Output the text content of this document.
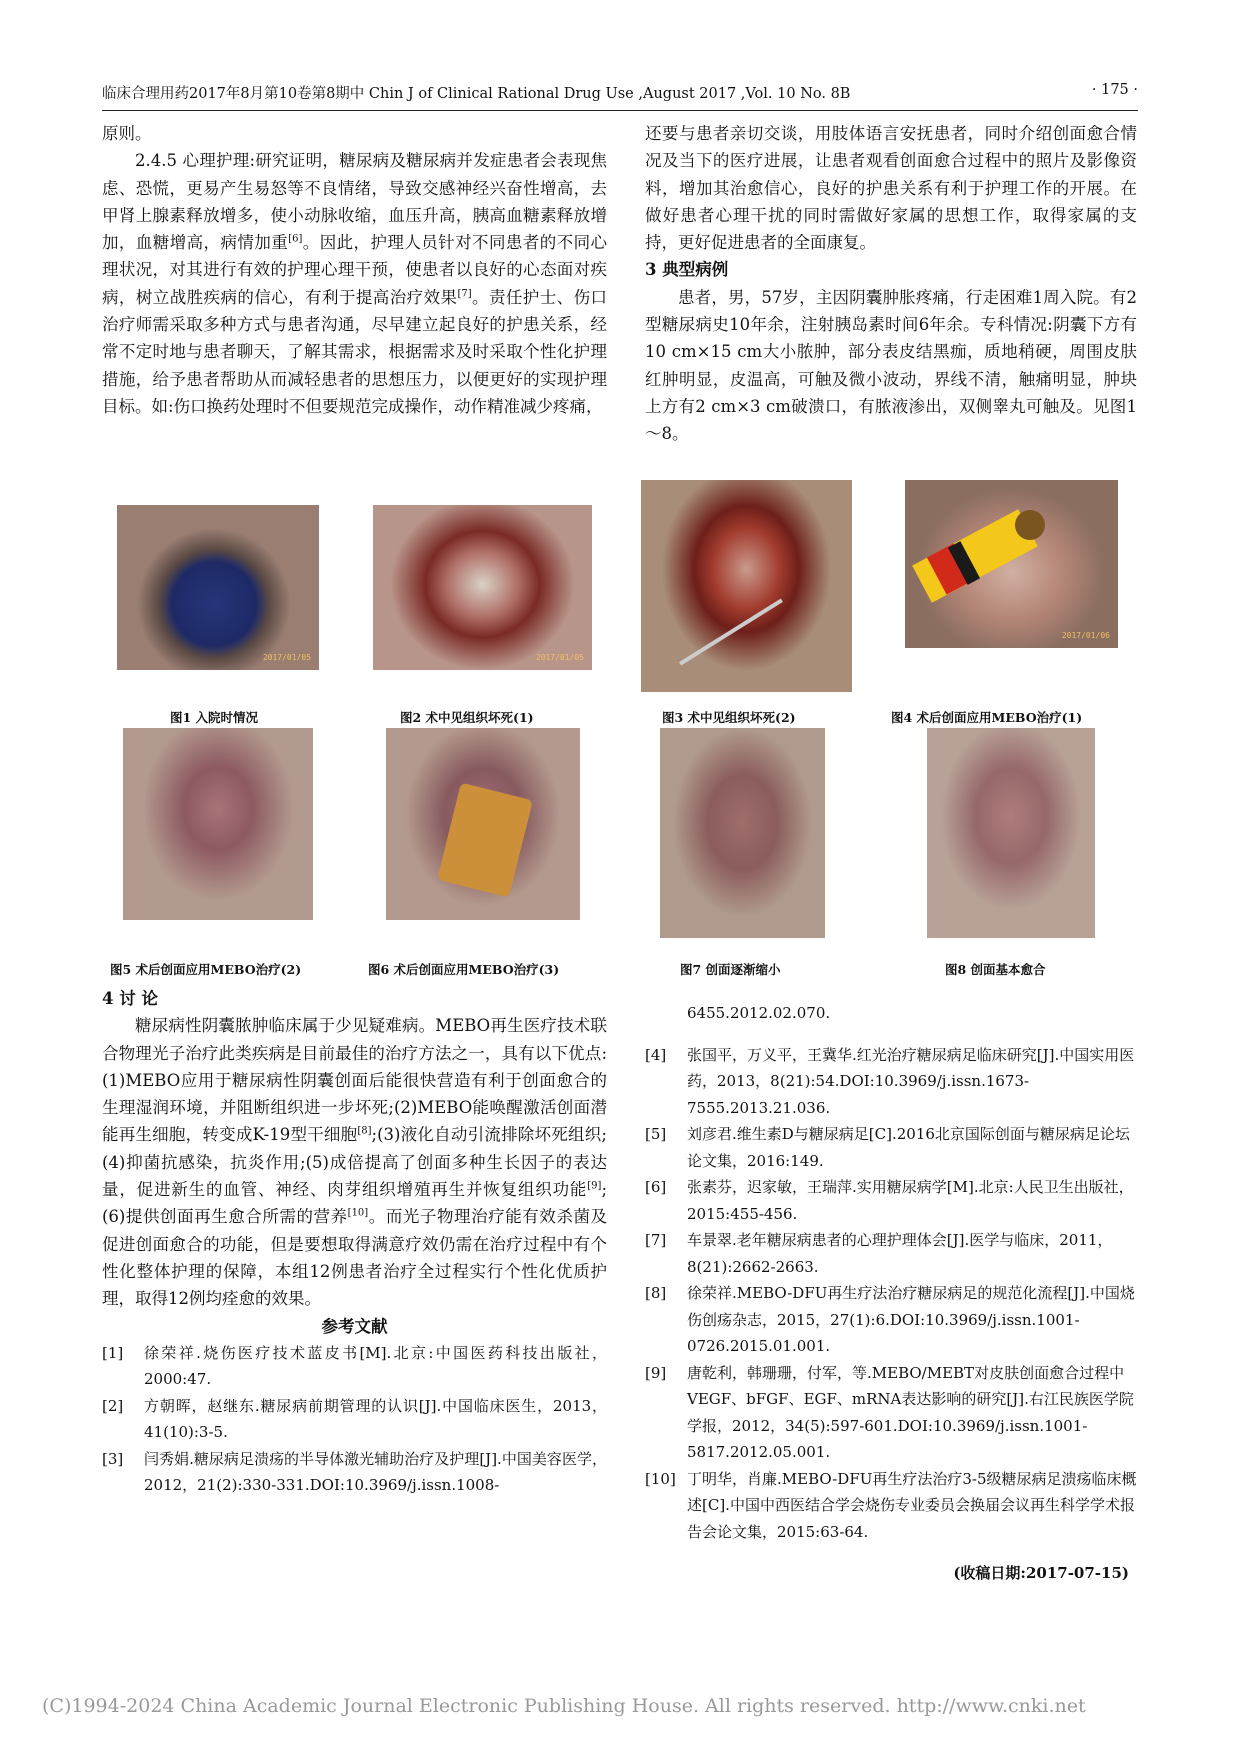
临床合理用药2017年8月第10卷第8期中 Chin J of Clinical Rational Drug Use ,August 2017 ,Vol. 10 No. 8B	· 175 ·

原则。

2.4.5 心理护理:研究证明，糖尿病及糖尿病并发症患者会表现焦虑、恐慌，更易产生易怒等不良情绪，导致交感神经兴奋性增高，去甲肾上腺素释放增多，使小动脉收缩，血压升高，胰高血糖素释放增加，血糖增高，病情加重[6]。因此，护理人员针对不同患者的不同心理状况，对其进行有效的护理心理干预，使患者以良好的心态面对疾病，树立战胜疾病的信心，有利于提高治疗效果[7]。责任护士、伤口治疗师需采取多种方式与患者沟通，尽早建立起良好的护患关系，经常不定时地与患者聊天，了解其需求，根据需求及时采取个性化护理措施，给予患者帮助从而减轻患者的思想压力，以便更好的实现护理目标。如:伤口换药处理时不但要规范完成操作，动作精准减少疼痛，

还要与患者亲切交谈，用肢体语言安抚患者，同时介绍创面愈合情况及当下的医疗进展，让患者观看创面愈合过程中的照片及影像资料，增加其治愈信心，良好的护患关系有利于护理工作的开展。在做好患者心理干扰的同时需做好家属的思想工作，取得家属的支持，更好促进患者的全面康复。

3 典型病例

患者，男，57岁，主因阴囊肿胀疼痛，行走困难1周入院。有2型糖尿病史10年余，注射胰岛素时间6年余。专科情况:阴囊下方有10 cm×15 cm大小脓肿，部分表皮结黑痂，质地稍硬，周围皮肤红肿明显，皮温高，可触及微小波动，界线不清，触痛明显，肿块上方有2 cm×3 cm破溃口，有脓液渗出，双侧睾丸可触及。见图1～8。

2017/01/05
图1 入院时情况
2017/01/05
图2 术中见组织坏死(1)	图3 术中见组织坏死(2)
2017/01/06
图4 术后创面应用MEBO治疗(1)
图5 术后创面应用MEBO治疗(2)	图6 术后创面应用MEBO治疗(3)	图7 创面逐渐缩小	图8 创面基本愈合

4 讨 论

糖尿病性阴囊脓肿临床属于少见疑难病。MEBO再生医疗技术联合物理光子治疗此类疾病是目前最佳的治疗方法之一，具有以下优点:(1)MEBO应用于糖尿病性阴囊创面后能很快营造有利于创面愈合的生理湿润环境，并阻断组织进一步坏死;(2)MEBO能唤醒激活创面潜能再生细胞，转变成K-19型干细胞[8];(3)液化自动引流排除坏死组织;(4)抑菌抗感染，抗炎作用;(5)成倍提高了创面多种生长因子的表达量，促进新生的血管、神经、肉芽组织增殖再生并恢复组织功能[9];(6)提供创面再生愈合所需的营养[10]。而光子物理治疗能有效杀菌及促进创面愈合的功能，但是要想取得满意疗效仍需在治疗过程中有个性化整体护理的保障，本组12例患者治疗全过程实行个性化优质护理，取得12例均痊愈的效果。

参考文献

[1] 徐荣祥.烧伤医疗技术蓝皮书[M].北京:中国医药科技出版社，2000:47.

[2] 方朝晖，赵继东.糖尿病前期管理的认识[J].中国临床医生，2013，41(10):3-5.

[3] 闫秀娟.糖尿病足溃疡的半导体激光辅助治疗及护理[J].中国美容医学，2012，21(2):330-331.DOI:10.3969/j.issn.1008-

6455.2012.02.070.

[4] 张国平，万义平，王冀华.红光治疗糖尿病足临床研究[J].中国实用医药，2013，8(21):54.DOI:10.3969/j.issn.1673-7555.2013.21.036.

[5] 刘彦君.维生素D与糖尿病足[C].2016北京国际创面与糖尿病足论坛论文集，2016:149.

[6] 张素芬，迟家敏，王瑞萍.实用糖尿病学[M].北京:人民卫生出版社，2015:455-456.

[7] 车景翠.老年糖尿病患者的心理护理体会[J].医学与临床，2011，8(21):2662-2663.

[8] 徐荣祥.MEBO-DFU再生疗法治疗糖尿病足的规范化流程[J].中国烧伤创疡杂志，2015，27(1):6.DOI:10.3969/j.issn.1001-0726.2015.01.001.

[9] 唐乾利，韩珊珊，付军，等.MEBO/MEBT对皮肤创面愈合过程中VEGF、bFGF、EGF、mRNA表达影响的研究[J].右江民族医学院学报，2012，34(5):597-601.DOI:10.3969/j.issn.1001-5817.2012.05.001.

[10] 丁明华，肖廉.MEBO-DFU再生疗法治疗3-5级糖尿病足溃疡临床概述[C].中国中西医结合学会烧伤专业委员会换届会议再生科学学术报告会论文集，2015:63-64.

(收稿日期:2017-07-15)

(C)1994-2024 China Academic Journal Electronic Publishing House. All rights reserved. http://www.cnki.net
